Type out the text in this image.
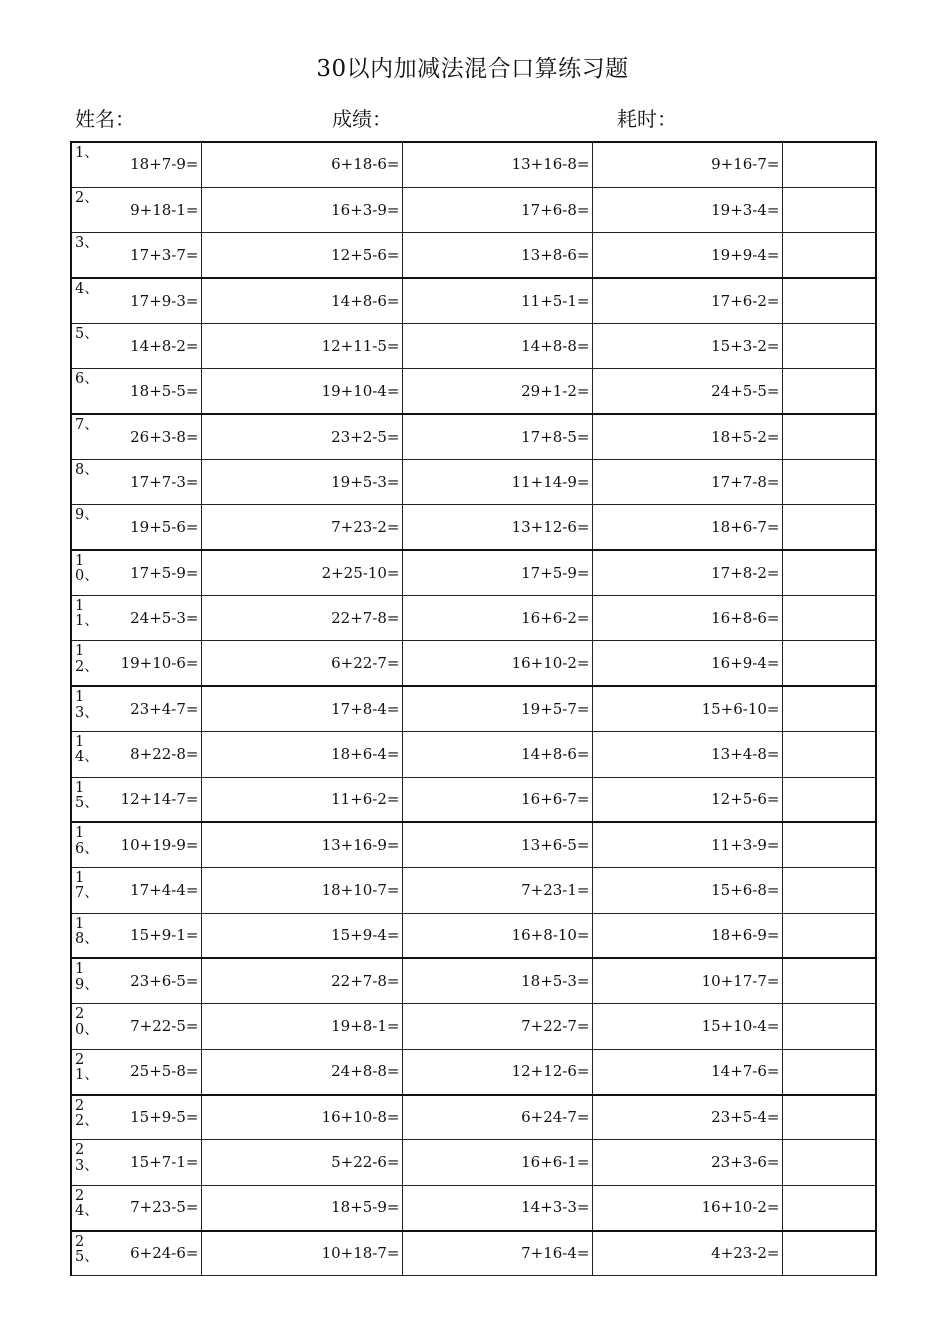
30以内加减法混合口算练习题
姓名：	成绩：	耗时：
1、	18+7-9=		6+18-6=		13+16-8=		9+16-7=	

2、	9+18-1=		16+3-9=		17+6-8=		19+3-4=	

3、	17+3-7=		12+5-6=		13+8-6=		19+9-4=	

4、	17+9-3=		14+8-6=		11+5-1=		17+6-2=	

5、	14+8-2=		12+11-5=		14+8-8=		15+3-2=	

6、	18+5-5=		19+10-4=		29+1-2=		24+5-5=	

7、	26+3-8=		23+2-5=		17+8-5=		18+5-2=	

8、	17+7-3=		19+5-3=		11+14-9=		17+7-8=	

9、	19+5-6=		7+23-2=		13+12-6=		18+6-7=	

10、	17+5-9=		2+25-10=		17+5-9=		17+8-2=	

11、	24+5-3=		22+7-8=		16+6-2=		16+8-6=	

12、	19+10-6=		6+22-7=		16+10-2=		16+9-4=	

13、	23+4-7=		17+8-4=		19+5-7=		15+6-10=	

14、	8+22-8=		18+6-4=		14+8-6=		13+4-8=	

15、	12+14-7=		11+6-2=		16+6-7=		12+5-6=	

16、	10+19-9=		13+16-9=		13+6-5=		11+3-9=	

17、	17+4-4=		18+10-7=		7+23-1=		15+6-8=	

18、	15+9-1=		15+9-4=		16+8-10=		18+6-9=	

19、	23+6-5=		22+7-8=		18+5-3=		10+17-7=	

20、	7+22-5=		19+8-1=		7+22-7=		15+10-4=	

21、	25+5-8=		24+8-8=		12+12-6=		14+7-6=	

22、	15+9-5=		16+10-8=		6+24-7=		23+5-4=	

23、	15+7-1=		5+22-6=		16+6-1=		23+3-6=	

24、	7+23-5=		18+5-9=		14+3-3=		16+10-2=	

25、	6+24-6=		10+18-7=		7+16-4=		4+23-2=	
